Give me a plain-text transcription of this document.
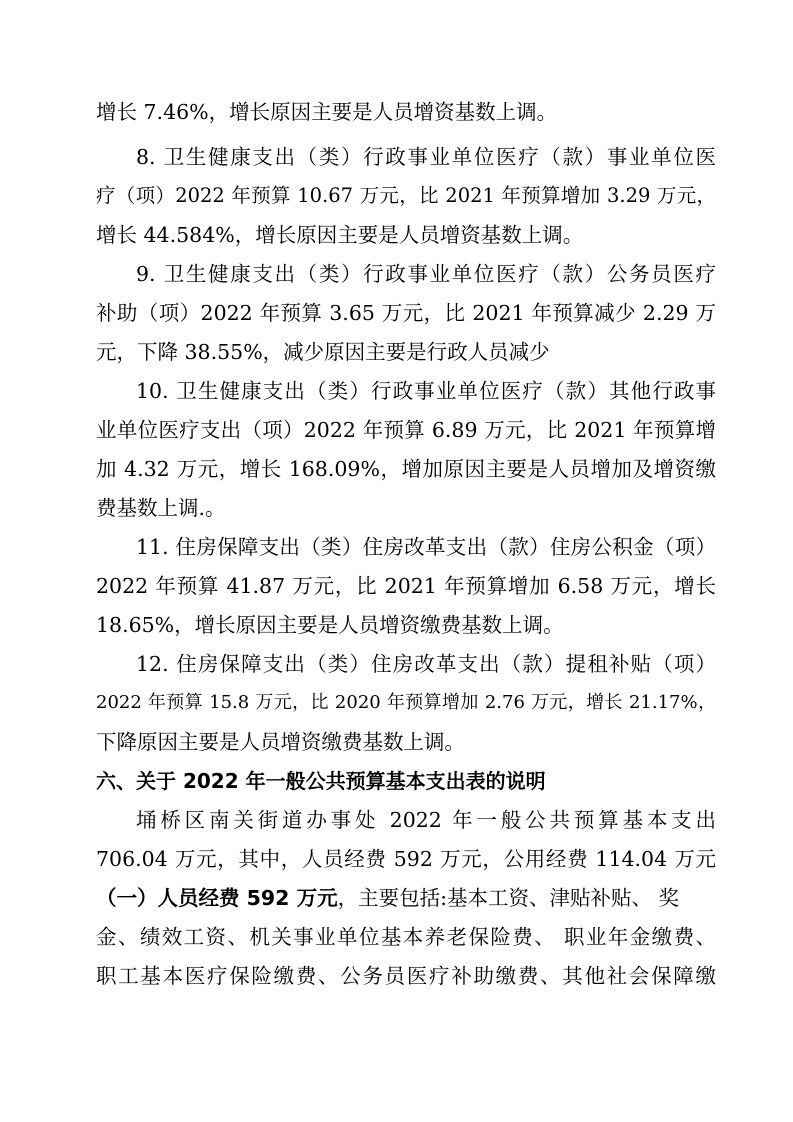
增长 7.46%，增长原因主要是人员增资基数上调。
8. 卫生健康支出（类）行政事业单位医疗（款）事业单位医
疗（项）2022 年预算 10.67 万元，比 2021 年预算增加 3.29 万元，
增长 44.584%，增长原因主要是人员增资基数上调。
9. 卫生健康支出（类）行政事业单位医疗（款）公务员医疗
补助（项）2022 年预算 3.65 万元，比 2021 年预算减少 2.29 万
元，下降 38.55%，减少原因主要是行政人员减少
10. 卫生健康支出（类）行政事业单位医疗（款）其他行政事
业单位医疗支出（项）2022 年预算 6.89 万元，比 2021 年预算增
加 4.32 万元，增长 168.09%，增加原因主要是人员增加及增资缴
费基数上调.。
11. 住房保障支出（类）住房改革支出（款）住房公积金（项）
2022 年预算 41.87 万元，比 2021 年预算增加 6.58 万元，增长
18.65%，增长原因主要是人员增资缴费基数上调。
12. 住房保障支出（类）住房改革支出（款）提租补贴（项）
2022 年预算 15.8 万元，比 2020 年预算增加 2.76 万元，增长 21.17%，
下降原因主要是人员增资缴费基数上调。
六、关于 2022 年一般公共预算基本支出表的说明
埇桥区南关街道办事处 2022 年一般公共预算基本支出
706.04 万元，其中，人员经费 592 万元，公用经费 114.04 万元
（一）人员经费 592 万元，主要包括:基本工资、津贴补贴、 奖
金、绩效工资、机关事业单位基本养老保险费、 职业年金缴费、
职工基本医疗保险缴费、公务员医疗补助缴费、其他社会保障缴
